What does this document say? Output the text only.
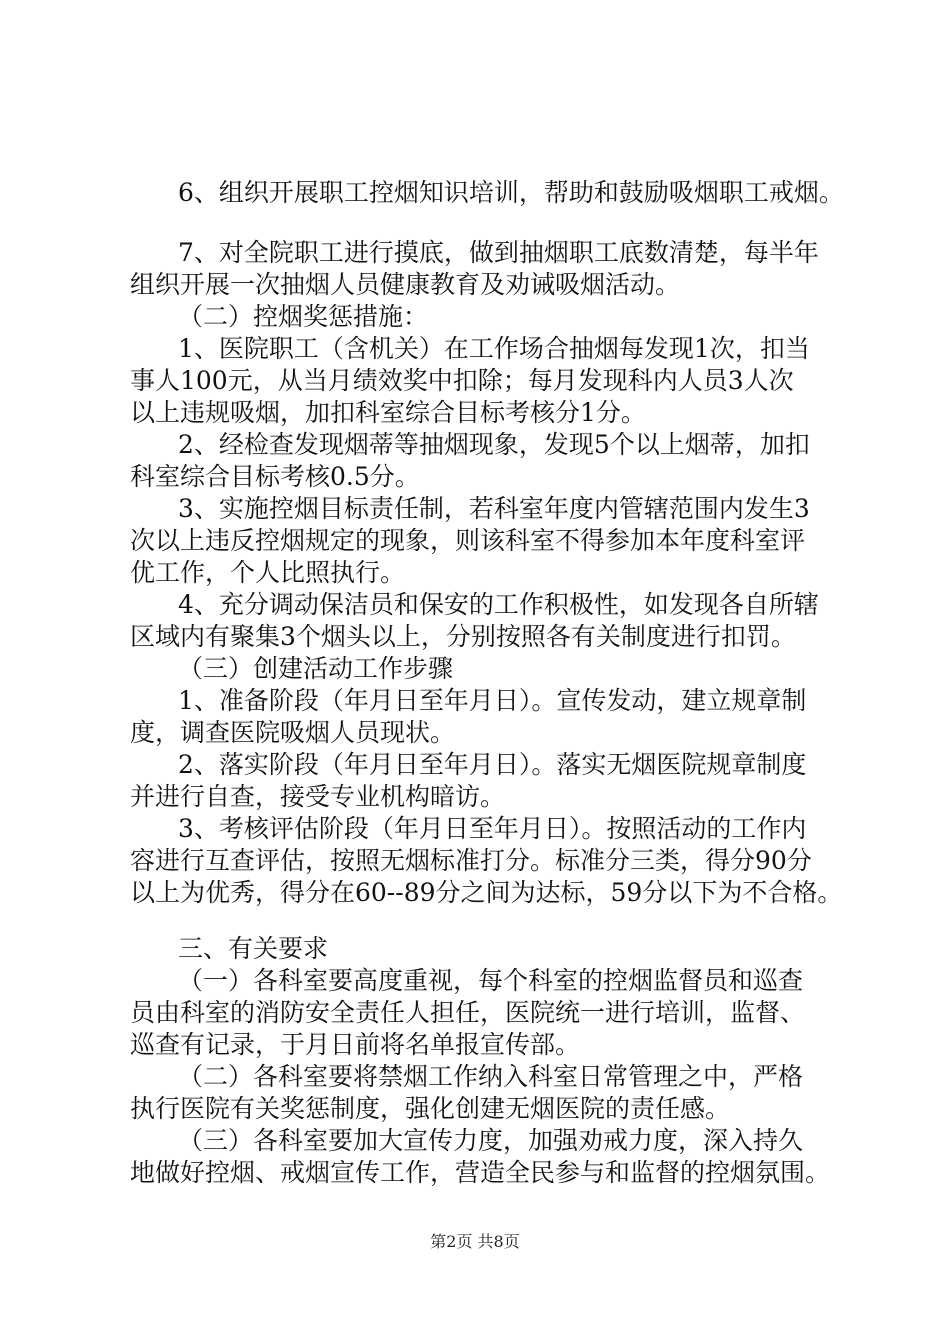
6、组织开展职工控烟知识培训，帮助和鼓励吸烟职工戒烟。
7、对全院职工进行摸底，做到抽烟职工底数清楚，每半年
组织开展一次抽烟人员健康教育及劝诫吸烟活动。
（二）控烟奖惩措施：
1、医院职工（含机关）在工作场合抽烟每发现1次，扣当
事人100元，从当月绩效奖中扣除；每月发现科内人员3人次
以上违规吸烟，加扣科室综合目标考核分1分。
2、经检查发现烟蒂等抽烟现象，发现5个以上烟蒂，加扣
科室综合目标考核0.5分。
3、实施控烟目标责任制，若科室年度内管辖范围内发生3
次以上违反控烟规定的现象，则该科室不得参加本年度科室评
优工作，个人比照执行。
4、充分调动保洁员和保安的工作积极性，如发现各自所辖
区域内有聚集3个烟头以上，分别按照各有关制度进行扣罚。
（三）创建活动工作步骤
1、准备阶段（年月日至年月日）。宣传发动，建立规章制
度，调查医院吸烟人员现状。
2、落实阶段（年月日至年月日）。落实无烟医院规章制度
并进行自查，接受专业机构暗访。
3、考核评估阶段（年月日至年月日）。按照活动的工作内
容进行互查评估，按照无烟标准打分。标准分三类，得分90分
以上为优秀，得分在60--89分之间为达标，59分以下为不合格。
三、有关要求
（一）各科室要高度重视，每个科室的控烟监督员和巡查
员由科室的消防安全责任人担任，医院统一进行培训，监督、
巡查有记录，于月日前将名单报宣传部。
（二）各科室要将禁烟工作纳入科室日常管理之中，严格
执行医院有关奖惩制度，强化创建无烟医院的责任感。
（三）各科室要加大宣传力度，加强劝戒力度，深入持久
地做好控烟、戒烟宣传工作，营造全民参与和监督的控烟氛围。
第2页 共8页
